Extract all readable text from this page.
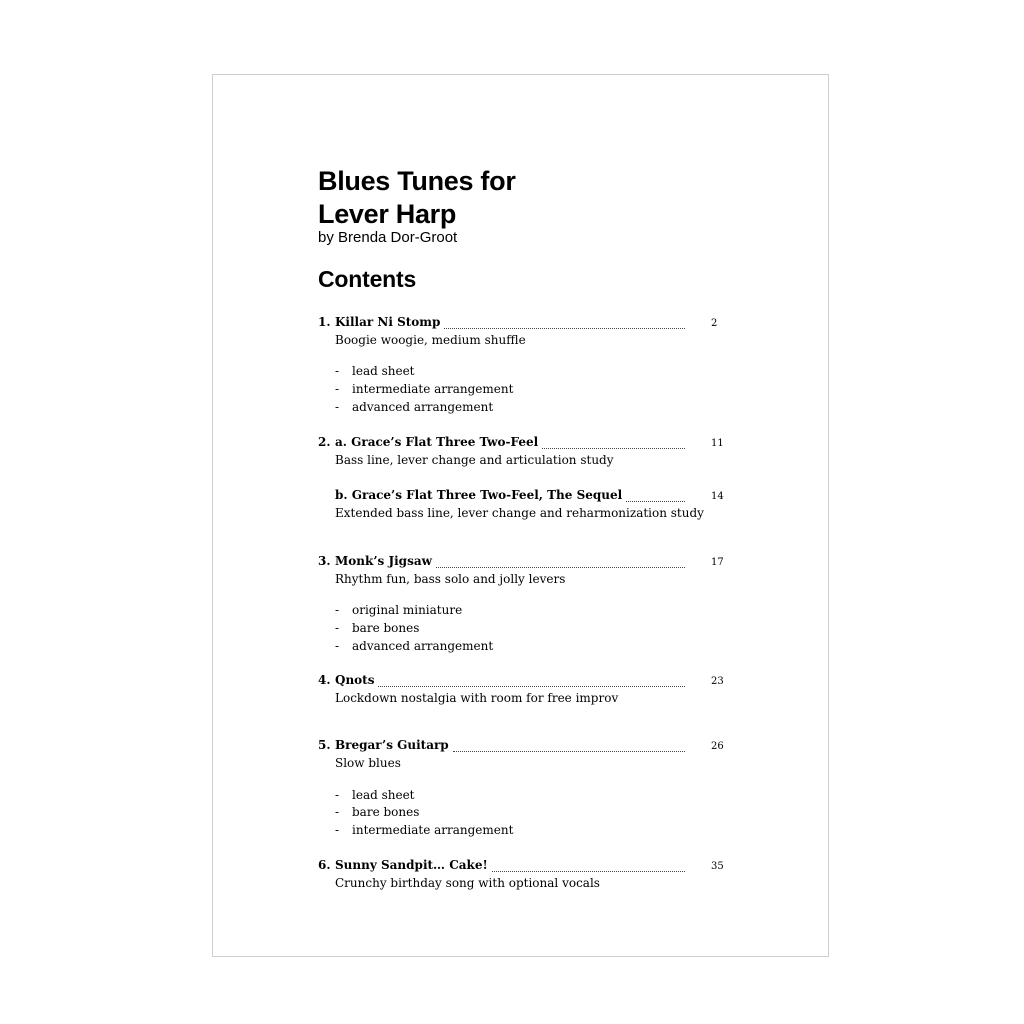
Blues Tunes for
Lever Harp
by Brenda Dor-Groot
Contents
1. Killar Ni Stomp	2
Boogie woogie, medium shuffle
- lead sheet
- intermediate arrangement
- advanced arrangement
2. a. Grace’s Flat Three Two-Feel	11
Bass line, lever change and articulation study
b. Grace’s Flat Three Two-Feel, The Sequel	14
Extended bass line, lever change and reharmonization study
3. Monk’s Jigsaw	17
Rhythm fun, bass solo and jolly levers
- original miniature
- bare bones
- advanced arrangement
4. Qnots	23
Lockdown nostalgia with room for free improv
5. Bregar’s Guitarp	26
Slow blues
- lead sheet
- bare bones
- intermediate arrangement
6. Sunny Sandpit… Cake!	35
Crunchy birthday song with optional vocals
